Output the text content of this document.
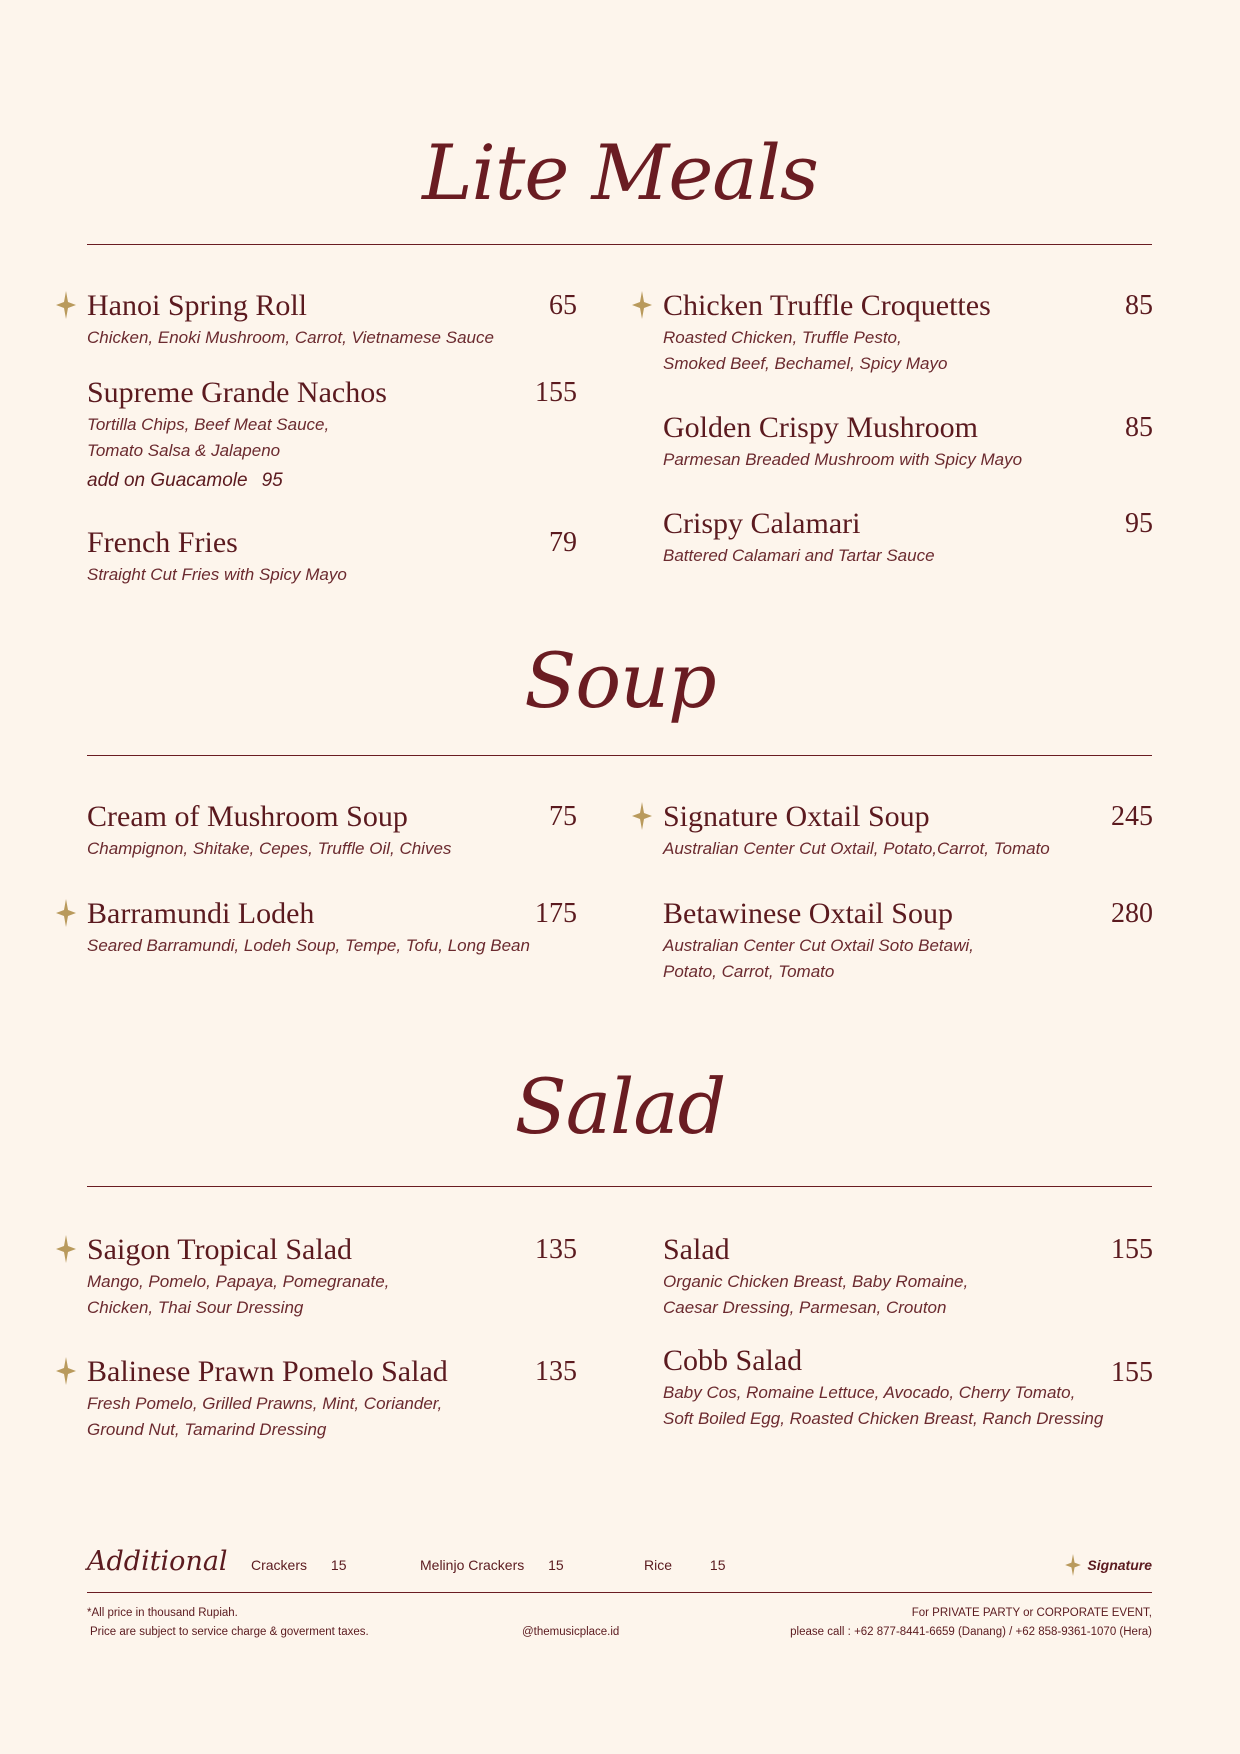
Lite Meals
Hanoi Spring Roll	65
Chicken, Enoki Mushroom, Carrot, Vietnamese Sauce
Supreme Grande Nachos	155
Tortilla Chips, Beef Meat Sauce,
Tomato Salsa & Jalapeno
add on Guacamole 95
French Fries	79
Straight Cut Fries with Spicy Mayo
Chicken Truffle Croquettes	85
Roasted Chicken, Truffle Pesto,
Smoked Beef, Bechamel, Spicy Mayo
Golden Crispy Mushroom	85
Parmesan Breaded Mushroom with Spicy Mayo
Crispy Calamari	95
Battered Calamari and Tartar Sauce
Soup
Cream of Mushroom Soup	75
Champignon, Shitake, Cepes, Truffle Oil, Chives
Barramundi Lodeh	175
Seared Barramundi, Lodeh Soup, Tempe, Tofu, Long Bean
Signature Oxtail Soup	245
Australian Center Cut Oxtail, Potato,Carrot, Tomato
Betawinese Oxtail Soup	280
Australian Center Cut Oxtail Soto Betawi,
Potato, Carrot, Tomato
Salad
Saigon Tropical Salad	135
Mango, Pomelo, Papaya, Pomegranate,
Chicken, Thai Sour Dressing
Balinese Prawn Pomelo Salad	135
Fresh Pomelo, Grilled Prawns, Mint, Coriander,
Ground Nut, Tamarind Dressing
Salad	155
Organic Chicken Breast, Baby Romaine,
Caesar Dressing, Parmesan, Crouton
Cobb Salad	155
Baby Cos, Romaine Lettuce, Avocado, Cherry Tomato,
Soft Boiled Egg, Roasted Chicken Breast, Ranch Dressing
Additional Crackers 15	Melinjo Crackers 15	Rice	15	Signature
*All price in thousand Rupiah.
Price are subject to service charge & goverment taxes.	@themusicplace.id
For PRIVATE PARTY or CORPORATE EVENT,
please call : +62 877-8441-6659 (Danang) / +62 858-9361-1070 (Hera)
